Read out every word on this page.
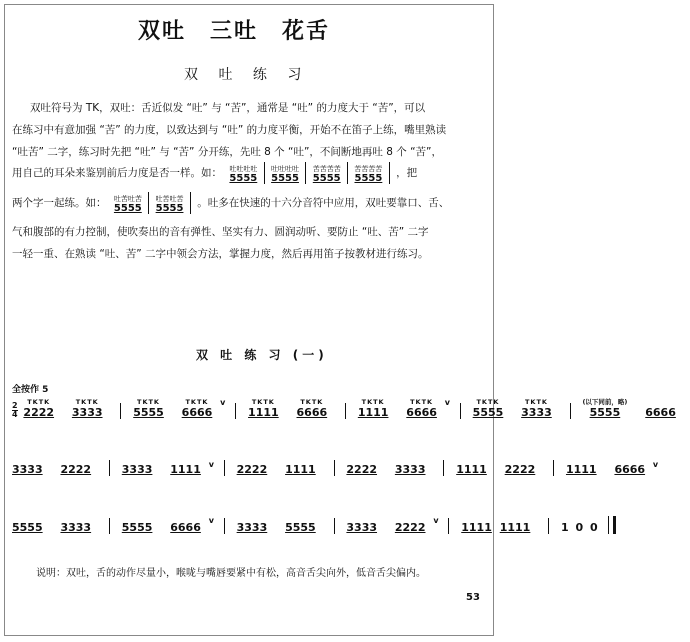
双吐　三吐　花舌
双 吐 练 习
双吐符号为 TK，双吐：舌近似发 “吐” 与 “苦”，通常是 “吐” 的力度大于 “苦”，可以
在练习中有意加强 “苦” 的力度，以致达到与 “吐” 的力度平衡，开始不在笛子上练，嘴里熟读
“吐苦” 二字，练习时先把 “吐” 与 “苦” 分开练，先吐 8 个 “吐”，不间断地再吐 8 个 “苦”，
用自己的耳朵来鉴别前后力度是否一样。如： 吐吐吐吐
5555

吐吐吐吐
5555

苦苦苦苦
5555

苦苦苦苦
5555 ，把
两个字一起练。如： 吐苦吐苦
5555

吐苦吐苦
5555 。吐多在快速的十六分音符中应用，双吐要靠口、舌、
气和腹部的有力控制，使吹奏出的音有弹性、坚实有力、圆润动听、要防止 “吐、苦” 二字
一轻一重、在熟读 “吐、苦” 二字中领会方法，掌握力度，然后再用笛子按教材进行练习。
双 吐 练 习 (一)
全按作 5
$\frac{2}{4}$
	TKTK
2222

TKTK
3333

TKTK
5555

TKTK
6666
$^v$	TKTK
1111

TKTK
6666

TKTK
1111

TKTK
6666
$^v$	TKTK
5555

TKTK
3333

(以下同前，略)
5555

	6666
3333
2222
	3333
1111 $^v$ 2222
1111
	2222
3333
	1111
2222
	1111
6666 $^v$
5555
3333
	5555
6666
$^v$
3333
5555
	3333
2222
$^v$
1111
1111
	1
0
0

说明：双吐，舌的动作尽量小，喉咙与嘴唇要紧中有松，高音舌尖向外，低音舌尖偏内。
53
